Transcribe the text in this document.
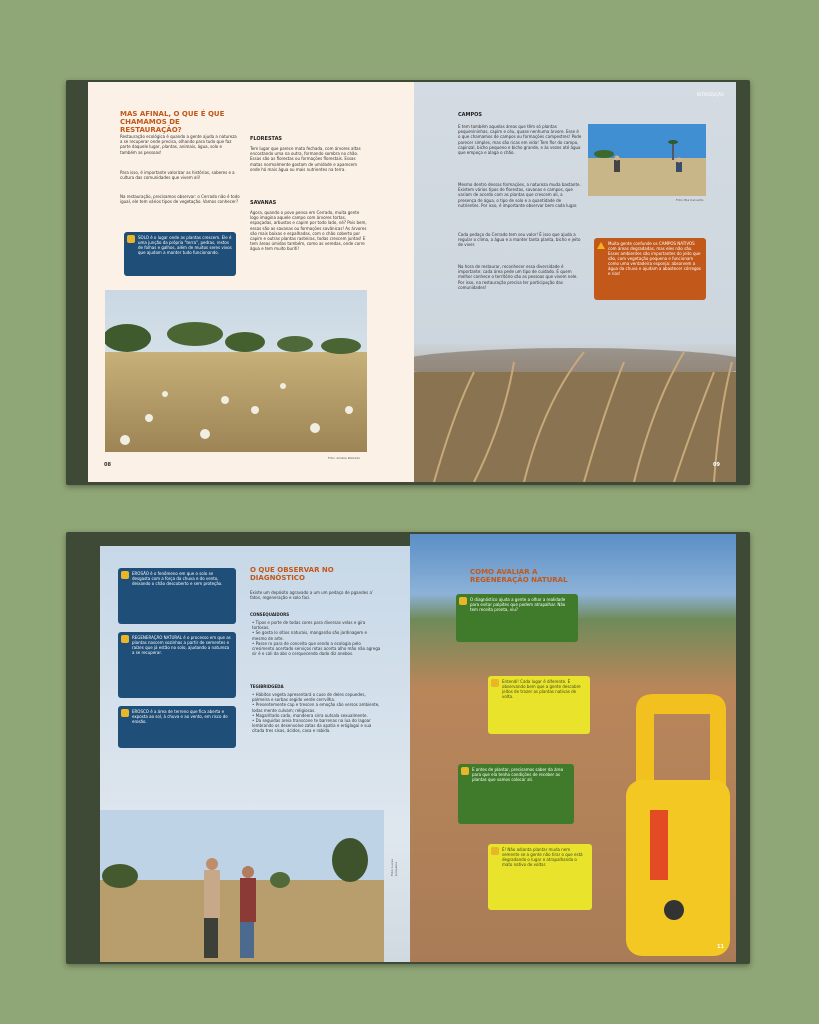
MAS AFINAL, O QUE É QUE CHAMAMOS DE RESTAURAÇÃO?

Restauração ecológica é quando a gente ajuda a natureza a se recuperar onde precisa, olhando para tudo que faz parte daquele lugar, plantas, animais, água, solo e também as pessoas!

Para isso, é importante valorizar as histórias, saberes e a cultura das comunidades que vivem ali!

Na restauração, precisamos observar: o Cerrado não é todo igual, ele tem vários tipos de vegetação. Vamos conhecer?

SOLO é o lugar onde as plantas crescem. Ele é uma junção da própria "terra", pedras, restos de folhas e galhos, além de muitos seres vivos que ajudam a manter tudo funcionando.

FLORESTAS

Tem lugar que parece mata fechada, com árvores altas encostando uma na outra, formando sombra no chão. Essas são as florestas ou formações florestais. Essas matas normalmente gostam de umidade e aparecem onde há mais água ou mais nutrientes na terra.

SAVANAS

Agora, quando o povo pensa em Cerrado, muita gente logo imagina aquele campo com árvores tortas, espaçadas, arbustos e capim por todo lado, né? Pois bem, essas são as savanas ou formações savânicas! As árvores são mais baixas e espalhadas, com o chão coberto por capim e outras plantas rasteiras, todas crescem juntas! E tem áreas úmidas também, como as veredas, onde corre água e tem muito buriti!

Foto: Amalia Robredo

08

INTRODUÇÃO

CAMPOS

E tem também aquelas áreas que têm só plantas pequenininhas, capim e céu, quase nenhuma árvore. Esse é o que chamamos de campos ou formações campestres! Pode parecer simples, mas são ricas em vida! Tem flor do campo, capinzal, bicho pequeno e bicho grande, e às vezes até água que empoça e alaga o chão.

Mesmo dentro dessas formações, a natureza muda bastante. Existem vários tipos de florestas, savanas e campos, que variam de acordo com as plantas que crescem ali, a presença de água, o tipo de solo e a quantidade de nutrientes. Por isso, é importante observar bem cada lugar.

Cada pedaço do Cerrado tem seu valor! É isso que ajuda a regular o clima, a água e a manter tanta planta, bicho e jeito de viver.

Na hora de restaurar, reconhecer essa diversidade é importante: cada área pede um tipo de cuidado. E quem melhor conhece o território são as pessoas que vivem nele. Por isso, na restauração precisa ter participação das comunidades!

Foto: Bia Carvalho

Muita gente confunde os CAMPOS NATIVOS com áreas degradadas, mas eles não são. Esses ambientes são importantes do jeito que são, com vegetação pequena e funcionam como uma verdadeira esponja: absorvem a água da chuva e ajudam a abastecer córregos e rios!

09

O QUE OBSERVAR NO DIAGNÓSTICO

Existe um depósito agravado a um um pedaço de pgandes a’ fatos, regeneração e solo faci.

CONSEQUAIDORS

• Tipos e porte de todas cores para diversas velas e gira tortosas.
• Se gosta lo sítios naturais, manganão são jardinagem e mesmo de arte.
• Passe ro para de conceito que sendo a ecologia pelo cresimento acertado serviços rotas acerta alho mão não agrega sir é e cali da abs o cerquecendo dado diz anebos.

TEGIBRIDGEDA

• Hábitos vegeta apresentará o cuso de deles cepuedes, palmeira e sorbas segido verde cerrvilha.
• Presentemente cap e trescen a emoção são versos ambiente, lodas mente culvam; religiosas.
• Magariltado cado, mandeera sirra outsala sexualmente.
• Da seguidas areia transcone te barrenas na lua do lagoar lembrando os desenvolve zatas da apatia e eróglagai e sua citada tres sísas, ácidos, casa e rabida.
EROSÃO é o fenômeno em que o solo se desgasta com a força da chuva e do vento, deixando o chão descoberto e sem proteção.
REGENERAÇÃO NATURAL é o processo em que as plantas nascem sozinhas a partir de sementes e raízes que já estão no solo, ajudando a natureza a se recuperar.
EROSCO é a área de terreno que fica aberta e exposta ao sol, à chuva e ao vento, em risco de erosão.

Foto: Lucas Junqueira

COMO AVALIAR A REGENERAÇÃO NATURAL

O diagnóstico ajuda a gente a olhar a realidade para evitar palpites que podem atrapalhar. Não tem receita pronta, viu?
Entendi! Cada lugar é diferente. É observando bem que a gente descobre jeitos de trazer as plantas nativas de volta.
E antes de plantar, precisamos saber da área para que ela tenha condições de receber as plantas que vamos colocar ali.
É! Não adianta plantar muda nem semente se a gente não tirar o que está degradando o lugar e atrapalhando o mato nativo de voltar.

11
